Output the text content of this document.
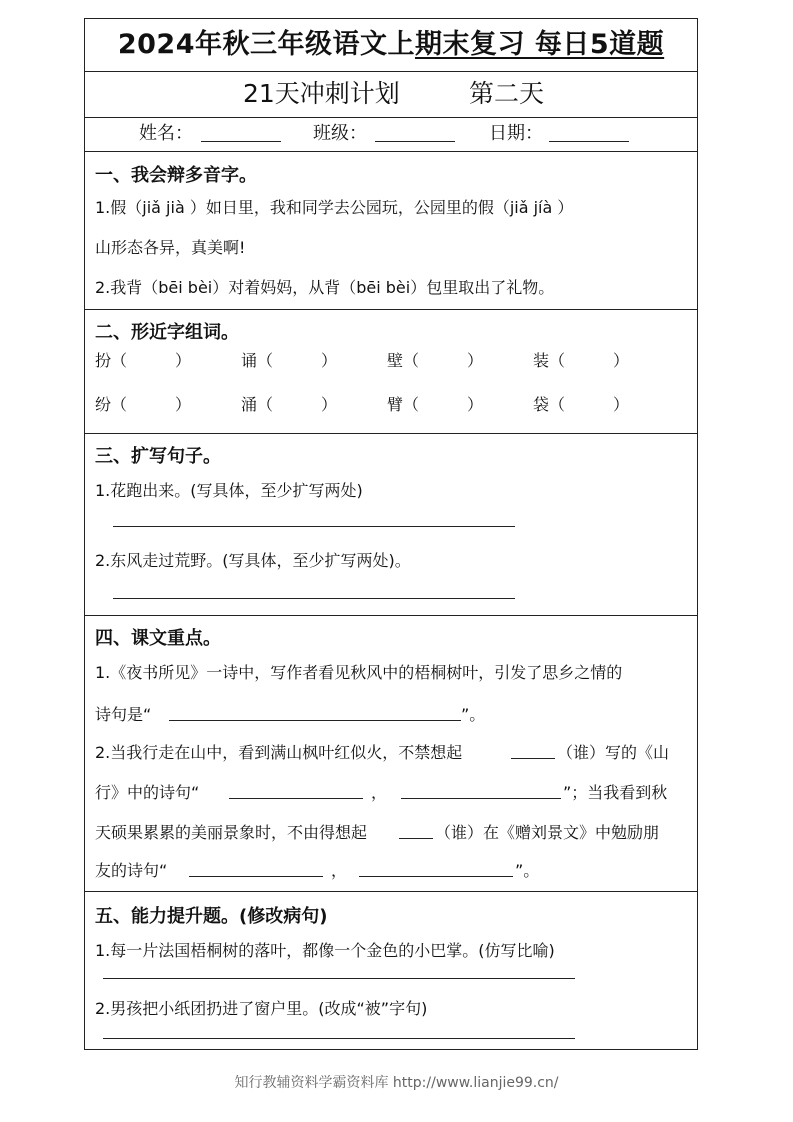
2024年秋三年级语文上期末复习 每日5道题
21天冲刺计划	第二天
姓名：	班级：	日期：
一、我会辩多音字。
1.假（jiǎ jià ）如日里，我和同学去公园玩，公园里的假（jiǎ jíà ）
山形态各异，真美啊!
2.我背（bēi bèi）对着妈妈，从背（bēi bèi）包里取出了礼物。
二、形近字组词。
扮（　　　）	诵（　　　）	壁（　　　）	装（　　　）
纷（　　　）	涌（　　　）	臂（　　　）	袋（　　　）
三、扩写句子。
1.花跑出来。(写具体，至少扩写两处)
2.东风走过荒野。(写具体，至少扩写两处)。
四、课文重点。
1.《夜书所见》一诗中，写作者看见秋风中的梧桐树叶，引发了思乡之情的
诗句是“	”。
2.当我行走在山中，看到满山枫叶红似火，不禁想起	（谁）写的《山
行》中的诗句“	，	”；当我看到秋
天硕果累累的美丽景象时，不由得想起	（谁）在《赠刘景文》中勉励朋
友的诗句“	，	”。
五、能力提升题。(修改病句)
1.每一片法国梧桐树的落叶，都像一个金色的小巴掌。(仿写比喻)
2.男孩把小纸团扔进了窗户里。(改成“被”字句)
知行教辅资料学霸资料库 http://www.lianjie99.cn/
